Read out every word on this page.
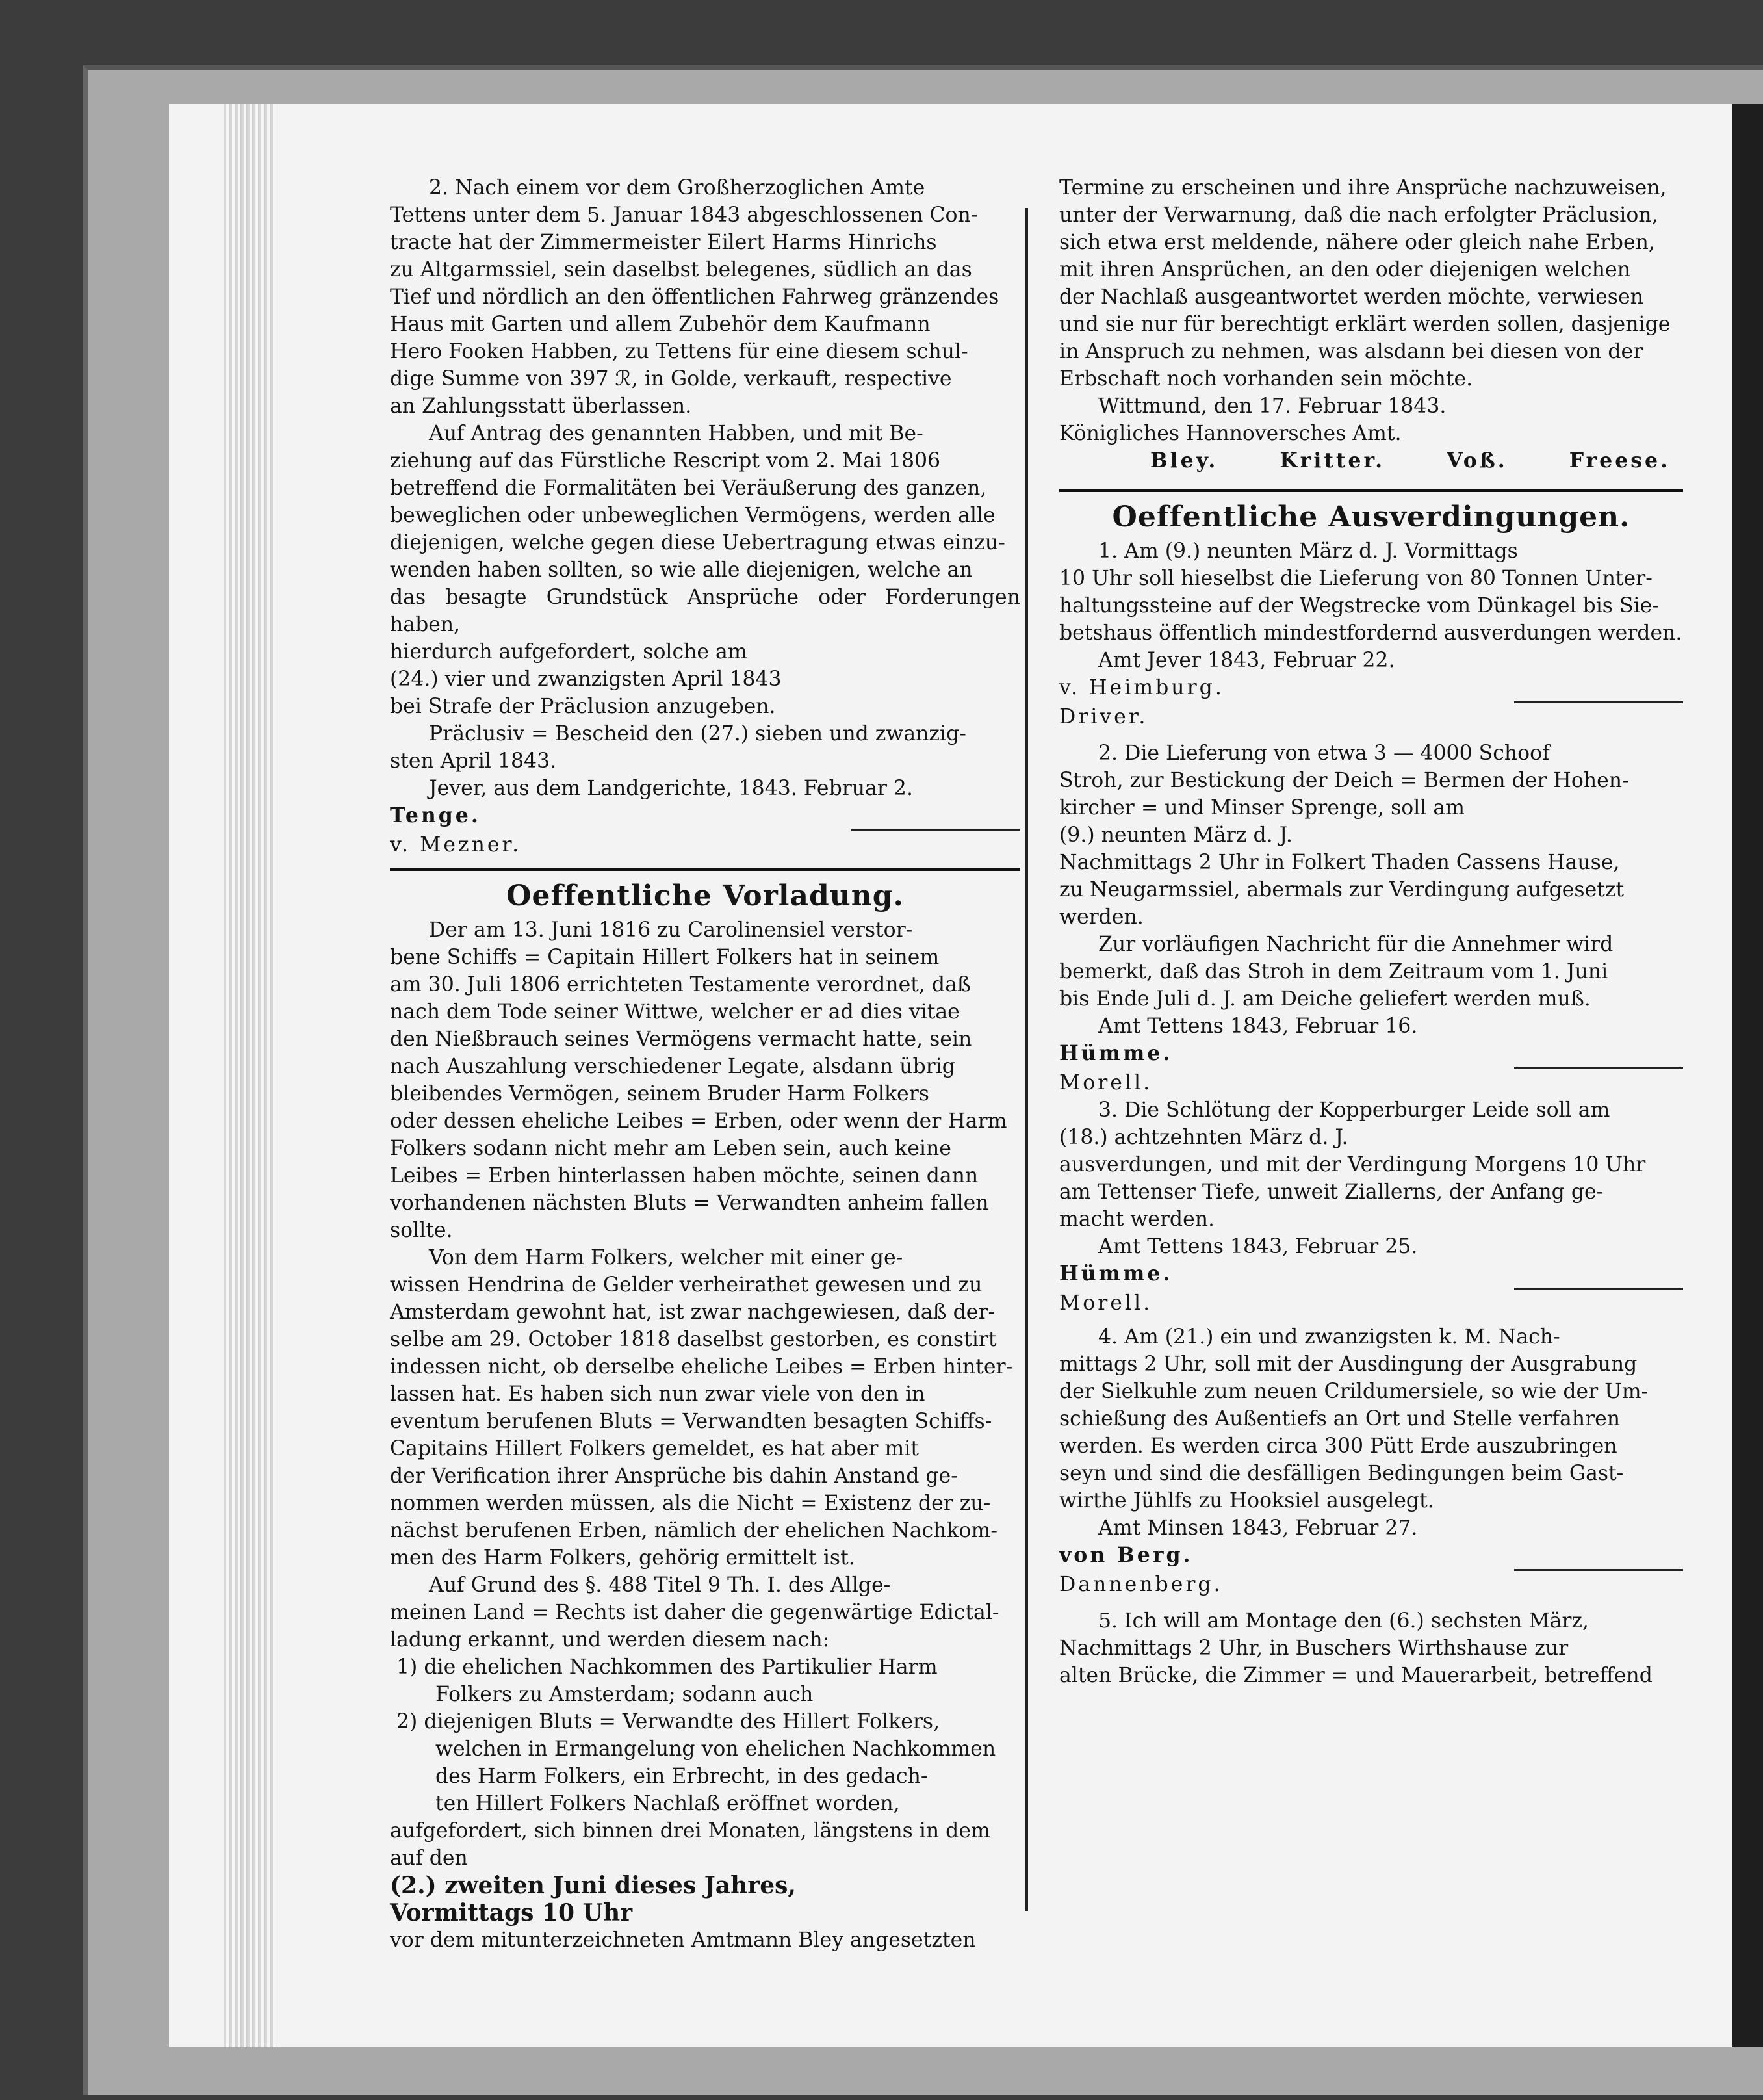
2. Nach einem vor dem Großherzoglichen Amte

Tettens unter dem 5. Januar 1843 abgeschlossenen Con-

tracte hat der Zimmermeister Eilert Harms Hinrichs

zu Altgarmssiel, sein daselbst belegenes, südlich an das

Tief und nördlich an den öffentlichen Fahrweg gränzendes

Haus mit Garten und allem Zubehör dem Kaufmann

Hero Fooken Habben, zu Tettens für eine diesem schul-

dige Summe von 397 ℛ, in Golde, verkauft, respective

an Zahlungsstatt überlassen.

Auf Antrag des genannten Habben, und mit Be-

ziehung auf das Fürstliche Rescript vom 2. Mai 1806

betreffend die Formalitäten bei Veräußerung des ganzen,

beweglichen oder unbeweglichen Vermögens, werden alle

diejenigen, welche gegen diese Uebertragung etwas einzu-

wenden haben sollten, so wie alle diejenigen, welche an

das besagte Grundstück Ansprüche oder Forderungen haben,

hierdurch aufgefordert, solche am

(24.) vier und zwanzigsten April 1843

bei Strafe der Präclusion anzugeben.

Präclusiv = Bescheid den (27.) sieben und zwanzig-

sten April 1843.

Jever, aus dem Landgerichte, 1843. Februar 2.

Tenge.

v. Mezner.

Oeffentliche Vorladung.

Der am 13. Juni 1816 zu Carolinensiel verstor-

bene Schiffs = Capitain Hillert Folkers hat in seinem

am 30. Juli 1806 errichteten Testamente verordnet, daß

nach dem Tode seiner Wittwe, welcher er ad dies vitae

den Nießbrauch seines Vermögens vermacht hatte, sein

nach Auszahlung verschiedener Legate, alsdann übrig

bleibendes Vermögen, seinem Bruder Harm Folkers

oder dessen eheliche Leibes = Erben, oder wenn der Harm

Folkers sodann nicht mehr am Leben sein, auch keine

Leibes = Erben hinterlassen haben möchte, seinen dann

vorhandenen nächsten Bluts = Verwandten anheim fallen

sollte.

Von dem Harm Folkers, welcher mit einer ge-

wissen Hendrina de Gelder verheirathet gewesen und zu

Amsterdam gewohnt hat, ist zwar nachgewiesen, daß der-

selbe am 29. October 1818 daselbst gestorben, es constirt

indessen nicht, ob derselbe eheliche Leibes = Erben hinter-

lassen hat. Es haben sich nun zwar viele von den in

eventum berufenen Bluts = Verwandten besagten Schiffs-

Capitains Hillert Folkers gemeldet, es hat aber mit

der Verification ihrer Ansprüche bis dahin Anstand ge-

nommen werden müssen, als die Nicht = Existenz der zu-

nächst berufenen Erben, nämlich der ehelichen Nachkom-

men des Harm Folkers, gehörig ermittelt ist.

Auf Grund des §. 488 Titel 9 Th. I. des Allge-

meinen Land = Rechts ist daher die gegenwärtige Edictal-

ladung erkannt, und werden diesem nach:

1) die ehelichen Nachkommen des Partikulier Harm

Folkers zu Amsterdam; sodann auch

2) diejenigen Bluts = Verwandte des Hillert Folkers,

welchen in Ermangelung von ehelichen Nachkommen

des Harm Folkers, ein Erbrecht, in des gedach-

ten Hillert Folkers Nachlaß eröffnet worden,

aufgefordert, sich binnen drei Monaten, längstens in dem

auf den

(2.) zweiten Juni dieses Jahres,

Vormittags 10 Uhr

vor dem mitunterzeichneten Amtmann Bley angesetzten

Termine zu erscheinen und ihre Ansprüche nachzuweisen,

unter der Verwarnung, daß die nach erfolgter Präclusion,

sich etwa erst meldende, nähere oder gleich nahe Erben,

mit ihren Ansprüchen, an den oder diejenigen welchen

der Nachlaß ausgeantwortet werden möchte, verwiesen

und sie nur für berechtigt erklärt werden sollen, dasjenige

in Anspruch zu nehmen, was alsdann bei diesen von der

Erbschaft noch vorhanden sein möchte.

Wittmund, den 17. Februar 1843.

Königliches Hannoversches Amt.

Bley.	Kritter.	Voß.	Freese.
Oeffentliche Ausverdingungen.

1. Am (9.) neunten März d. J. Vormittags

10 Uhr soll hieselbst die Lieferung von 80 Tonnen Unter-

haltungssteine auf der Wegstrecke vom Dünkagel bis Sie-

betshaus öffentlich mindestfordernd ausverdungen werden.

Amt Jever 1843, Februar 22.

v. Heimburg.

Driver.

2. Die Lieferung von etwa 3 — 4000 Schoof

Stroh, zur Bestickung der Deich = Bermen der Hohen-

kircher = und Minser Sprenge, soll am

(9.) neunten März d. J.

Nachmittags 2 Uhr in Folkert Thaden Cassens Hause,

zu Neugarmssiel, abermals zur Verdingung aufgesetzt

werden.

Zur vorläufigen Nachricht für die Annehmer wird

bemerkt, daß das Stroh in dem Zeitraum vom 1. Juni

bis Ende Juli d. J. am Deiche geliefert werden muß.

Amt Tettens 1843, Februar 16.

Hümme.

Morell.

3. Die Schlötung der Kopperburger Leide soll am

(18.) achtzehnten März d. J.

ausverdungen, und mit der Verdingung Morgens 10 Uhr

am Tettenser Tiefe, unweit Ziallerns, der Anfang ge-

macht werden.

Amt Tettens 1843, Februar 25.

Hümme.

Morell.

4. Am (21.) ein und zwanzigsten k. M. Nach-

mittags 2 Uhr, soll mit der Ausdingung der Ausgrabung

der Sielkuhle zum neuen Crildumersiele, so wie der Um-

schießung des Außentiefs an Ort und Stelle verfahren

werden. Es werden circa 300 Pütt Erde auszubringen

seyn und sind die desfälligen Bedingungen beim Gast-

wirthe Jühlfs zu Hooksiel ausgelegt.

Amt Minsen 1843, Februar 27.

von Berg.

Dannenberg.

5. Ich will am Montage den (6.) sechsten März,

Nachmittags 2 Uhr, in Buschers Wirthshause zur

alten Brücke, die Zimmer = und Mauerarbeit, betreffend
